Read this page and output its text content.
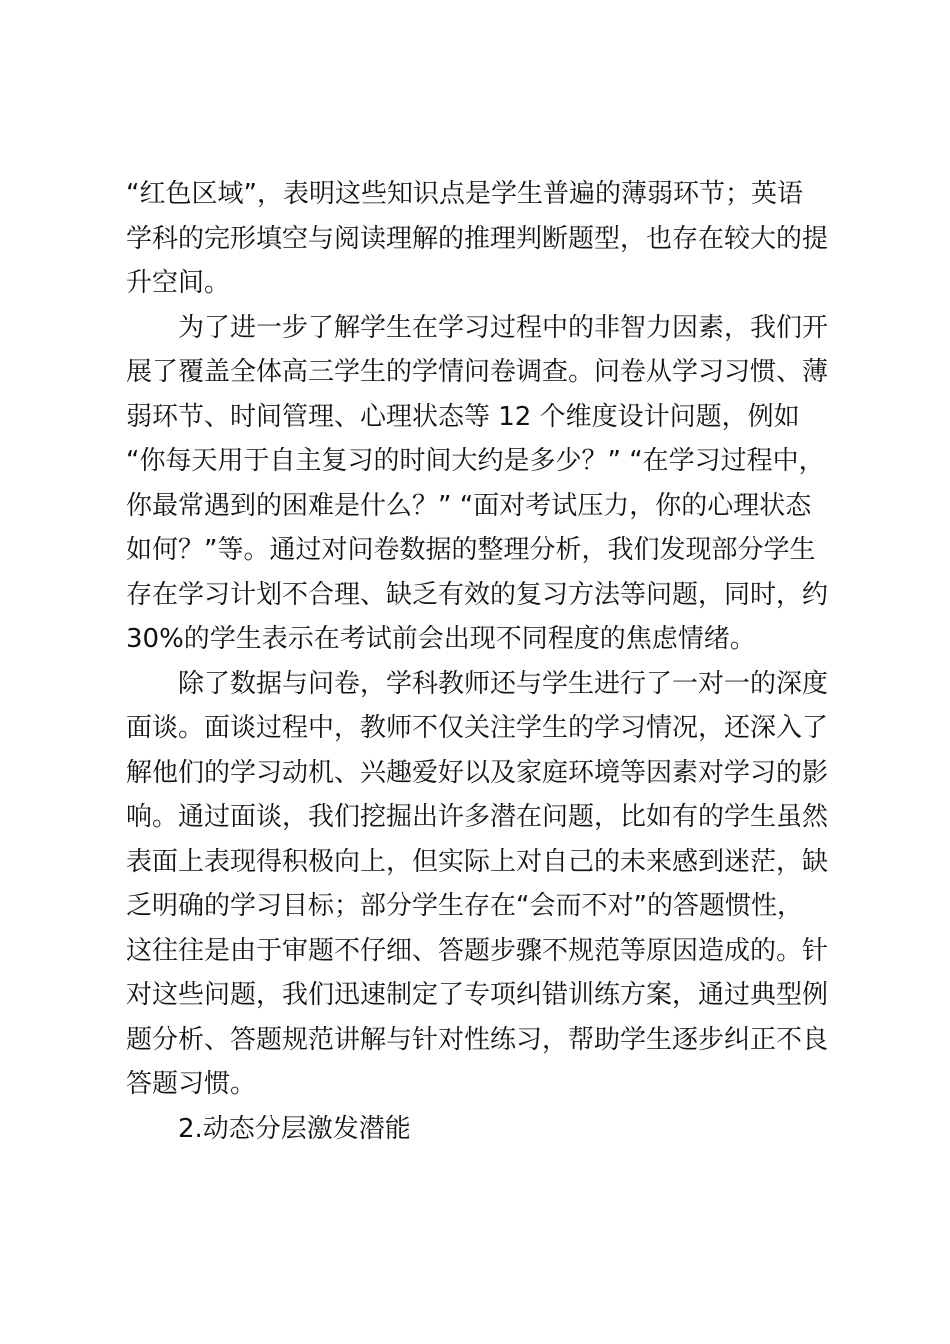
“红色区域”，表明这些知识点是学生普遍的薄弱环节；英语
学科的完形填空与阅读理解的推理判断题型，也存在较大的提
升空间。
为了进一步了解学生在学习过程中的非智力因素，我们开
展了覆盖全体高三学生的学情问卷调查。问卷从学习习惯、薄
弱环节、时间管理、心理状态等 12 个维度设计问题，例如
“你每天用于自主复习的时间大约是多少？” “在学习过程中，
你最常遇到的困难是什么？” “面对考试压力，你的心理状态
如何？”等。通过对问卷数据的整理分析，我们发现部分学生
存在学习计划不合理、缺乏有效的复习方法等问题，同时，约
30%的学生表示在考试前会出现不同程度的焦虑情绪。
除了数据与问卷，学科教师还与学生进行了一对一的深度
面谈。面谈过程中，教师不仅关注学生的学习情况，还深入了
解他们的学习动机、兴趣爱好以及家庭环境等因素对学习的影
响。通过面谈，我们挖掘出许多潜在问题，比如有的学生虽然
表面上表现得积极向上，但实际上对自己的未来感到迷茫，缺
乏明确的学习目标；部分学生存在“会而不对”的答题惯性，
这往往是由于审题不仔细、答题步骤不规范等原因造成的。针
对这些问题，我们迅速制定了专项纠错训练方案，通过典型例
题分析、答题规范讲解与针对性练习，帮助学生逐步纠正不良
答题习惯。
2.动态分层激发潜能
